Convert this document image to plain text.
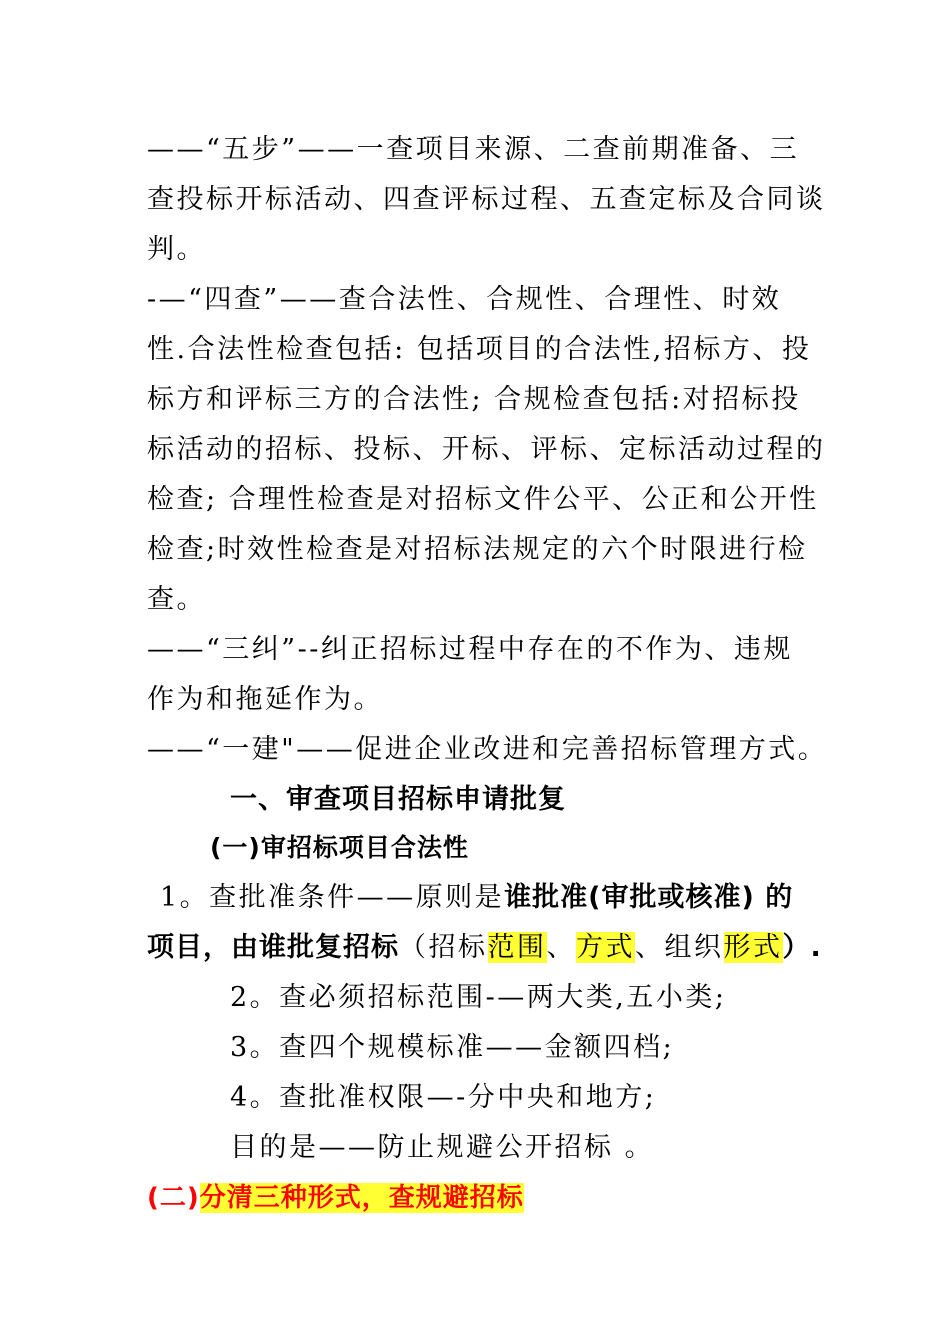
——“五步”——一查项目来源、二查前期准备、三
查投标开标活动、四查评标过程、五查定标及合同谈
判。
-—“四查”——查合法性、合规性、合理性、时效
性.合法性检查包括: 包括项目的合法性,招标方、投
标方和评标三方的合法性; 合规检查包括:对招标投
标活动的招标、投标、开标、评标、定标活动过程的
检查; 合理性检查是对招标文件公平、公正和公开性
检查;时效性检查是对招标法规定的六个时限进行检
查。
——“三纠”--纠正招标过程中存在的不作为、违规
作为和拖延作为。
——“一建"——促进企业改进和完善招标管理方式。
一、审查项目招标申请批复
(一)审招标项目合法性
1。查批准条件——原则是谁批准(审批或核准) 的
项目，由谁批复招标（招标范围、方式、组织形式）.
2。查必须招标范围-—两大类,五小类;
3。查四个规模标准——金额四档;
4。查批准权限—-分中央和地方;
目的是——防止规避公开招标 。
(二)分清三种形式，查规避招标
